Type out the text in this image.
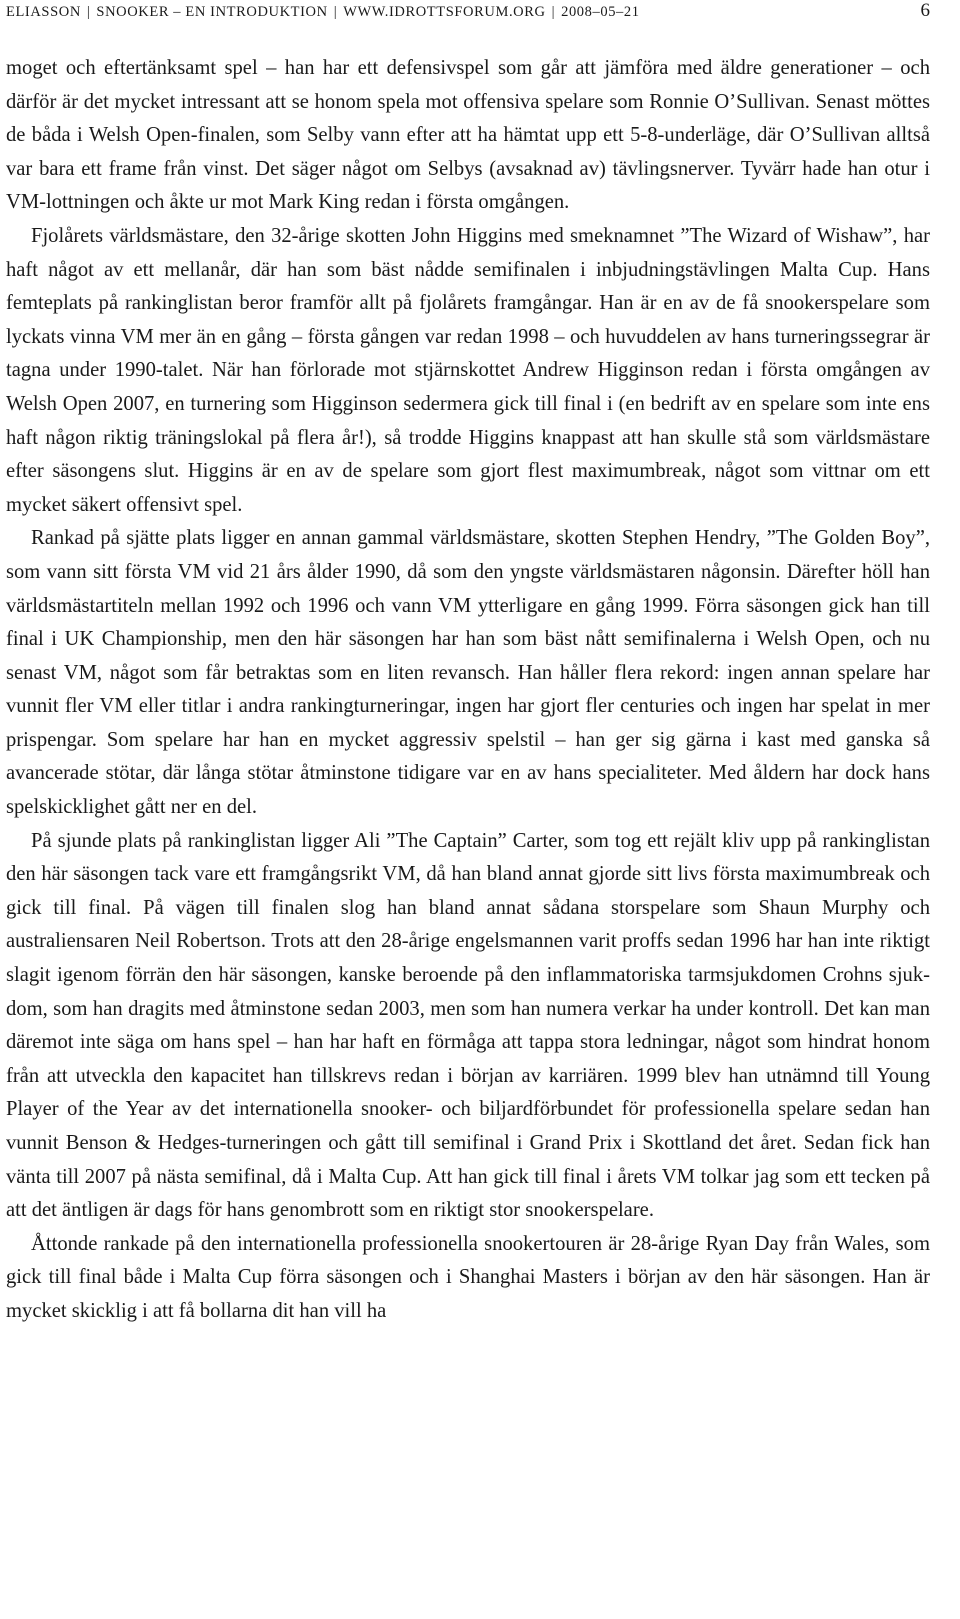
ELIASSON | SNOOKER – EN INTRODUKTION | WWW.IDROTTSFORUM.ORG | 2008–05–21	6

moget och eftertänksamt spel – han har ett defensivspel som går att jämföra med äldre generationer – och därför är det mycket intressant att se honom spela mot offensiva spelare som Ronnie O’Sullivan. Senast möttes de båda i Welsh Open-finalen, som Selby vann efter att ha hämtat upp ett 5-8-underläge, där O’Sullivan alltså var bara ett frame från vinst. Det säger något om Selbys (avsaknad av) tävlingsnerver. Tyvärr hade han otur i VM-lottningen och åkte ur mot Mark King redan i första omgången.

Fjolårets världsmästare, den 32-årige skotten John Higgins med smeknamnet ”The Wizard of Wishaw”, har haft något av ett mellanår, där han som bäst nådde semifinalen i inbjudningstävlingen Malta Cup. Hans femteplats på rankinglistan beror framför allt på fjolårets framgångar. Han är en av de få snookerspelare som lyckats vinna VM mer än en gång – första gången var redan 1998 – och huvuddelen av hans turneringssegrar är tagna under 1990-talet. När han förlorade mot stjärnskottet Andrew Higginson redan i första omgången av Welsh Open 2007, en turnering som Higginson sedermera gick till final i (en bedrift av en spelare som inte ens haft någon riktig träningslokal på flera år!), så trodde Higgins knappast att han skulle stå som världsmästare efter säsongens slut. Higgins är en av de spelare som gjort flest maximumbreak, något som vittnar om ett mycket säkert offensivt spel.

Rankad på sjätte plats ligger en annan gammal världsmästare, skotten Stephen Hendry, ”The Golden Boy”, som vann sitt första VM vid 21 års ålder 1990, då som den yngste världsmästaren någonsin. Därefter höll han världsmästartiteln mellan 1992 och 1996 och vann VM ytterligare en gång 1999. Förra säsongen gick han till final i UK Championship, men den här säsongen har han som bäst nått semifinalerna i Welsh Open, och nu senast VM, något som får betraktas som en liten revansch. Han håller flera rekord: ingen annan spelare har vunnit fler VM eller titlar i andra rankingturneringar, ingen har gjort fler centuries och ingen har spelat in mer prispengar. Som spelare har han en mycket aggressiv spelstil – han ger sig gärna i kast med ganska så avancerade stötar, där långa stötar åtminstone tidigare var en av hans specialiteter. Med åldern har dock hans spelskicklighet gått ner en del.

På sjunde plats på rankinglistan ligger Ali ”The Captain” Carter, som tog ett rejält kliv upp på rankinglistan den här säsongen tack vare ett framgångsrikt VM, då han bland annat gjorde sitt livs första maximumbreak och gick till final. På vägen till finalen slog han bland annat sådana storspelare som Shaun Murphy och australiensaren Neil Robertson. Trots att den 28-årige engelsmannen varit proffs sedan 1996 har han inte riktigt slagit igenom förrän den här säsongen, kanske beroende på den inflammatoriska tarmsjukdomen Crohns sjukdom, som han dragits med åtminstone sedan 2003, men som han numera verkar ha under kontroll. Det kan man däremot inte säga om hans spel – han har haft en förmåga att tappa stora ledningar, något som hindrat honom från att utveckla den kapacitet han tillskrevs redan i början av karriären. 1999 blev han utnämnd till Young Player of the Year av det internationella snooker- och biljardförbundet för professionella spelare sedan han vunnit Benson & Hedges-turneringen och gått till semifinal i Grand Prix i Skottland det året. Sedan fick han vänta till 2007 på nästa semifinal, då i Malta Cup. Att han gick till final i årets VM tolkar jag som ett tecken på att det äntligen är dags för hans genombrott som en riktigt stor snookerspelare.

Åttonde rankade på den internationella professionella snookertouren är 28-årige Ryan Day från Wales, som gick till final både i Malta Cup förra säsongen och i Shanghai Masters i början av den här säsongen. Han är mycket skicklig i att få bollarna dit han vill ha
